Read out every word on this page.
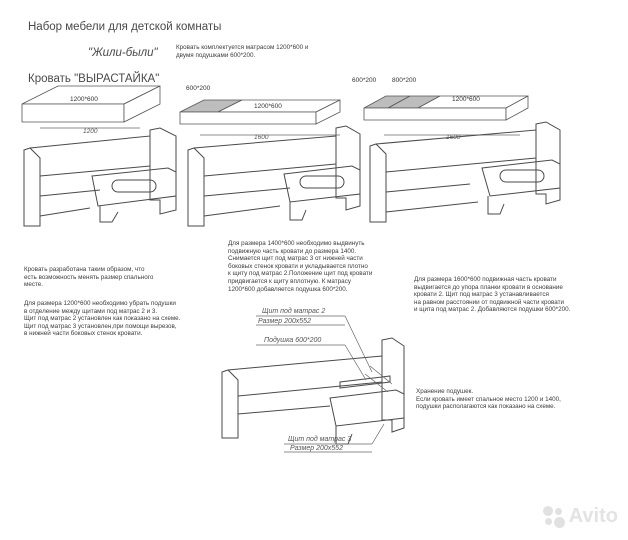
Набор мебели для детской комнаты

"Жили-были"

Кровать "ВЫРАСТАЙКА"

Кровать комплектуется матрасом 1200*600 и
двумя подушками 600*200.
1200*600
1200
600*200
1200*600
1600
600*200 800*200
1200*600
1600
Щит под матрас 2
Размер 200х552
Подушка 600*200
Щит под матрас 3
Размер 200х552
Для размера 1400*600 необходимо выдвинуть
подвижную часть кровати до размера 1400.
Снимается щит под матрас 3 от нижней части
боковых стенок кровати и укладывается плотно
к щиту под матрас 2.Положение щит под кровати
придвигается к щиту вплотную. К матрасу
1200*600 добавляется подушка 600*200.
Кровать разработана таким образом, что
есть возможность менять размер спального
месте.
Для размера 1200*600 необходимо убрать подушки
в отделение между щитами под матрас 2 и 3.
Щит под матрас 2 установлен как показано на схеме.
Щит под матрас 3 установлен,при помощи вырезов,
в нижней части боковых стенок кровати.
Для размера 1600*600 подвижная часть кровати
выдвигается до упора планки кровати в основание
кровати 2. Щит под матрас 3 устанавливается
на равном расстоянии от подвижной части кровати
и щита под матрас 2. Добавляются подушки 600*200.
Хранение подушек.
Если кровать имеет спальное место 1200 и 1400,
подушки располагаются как показано на схеме.
Avito
